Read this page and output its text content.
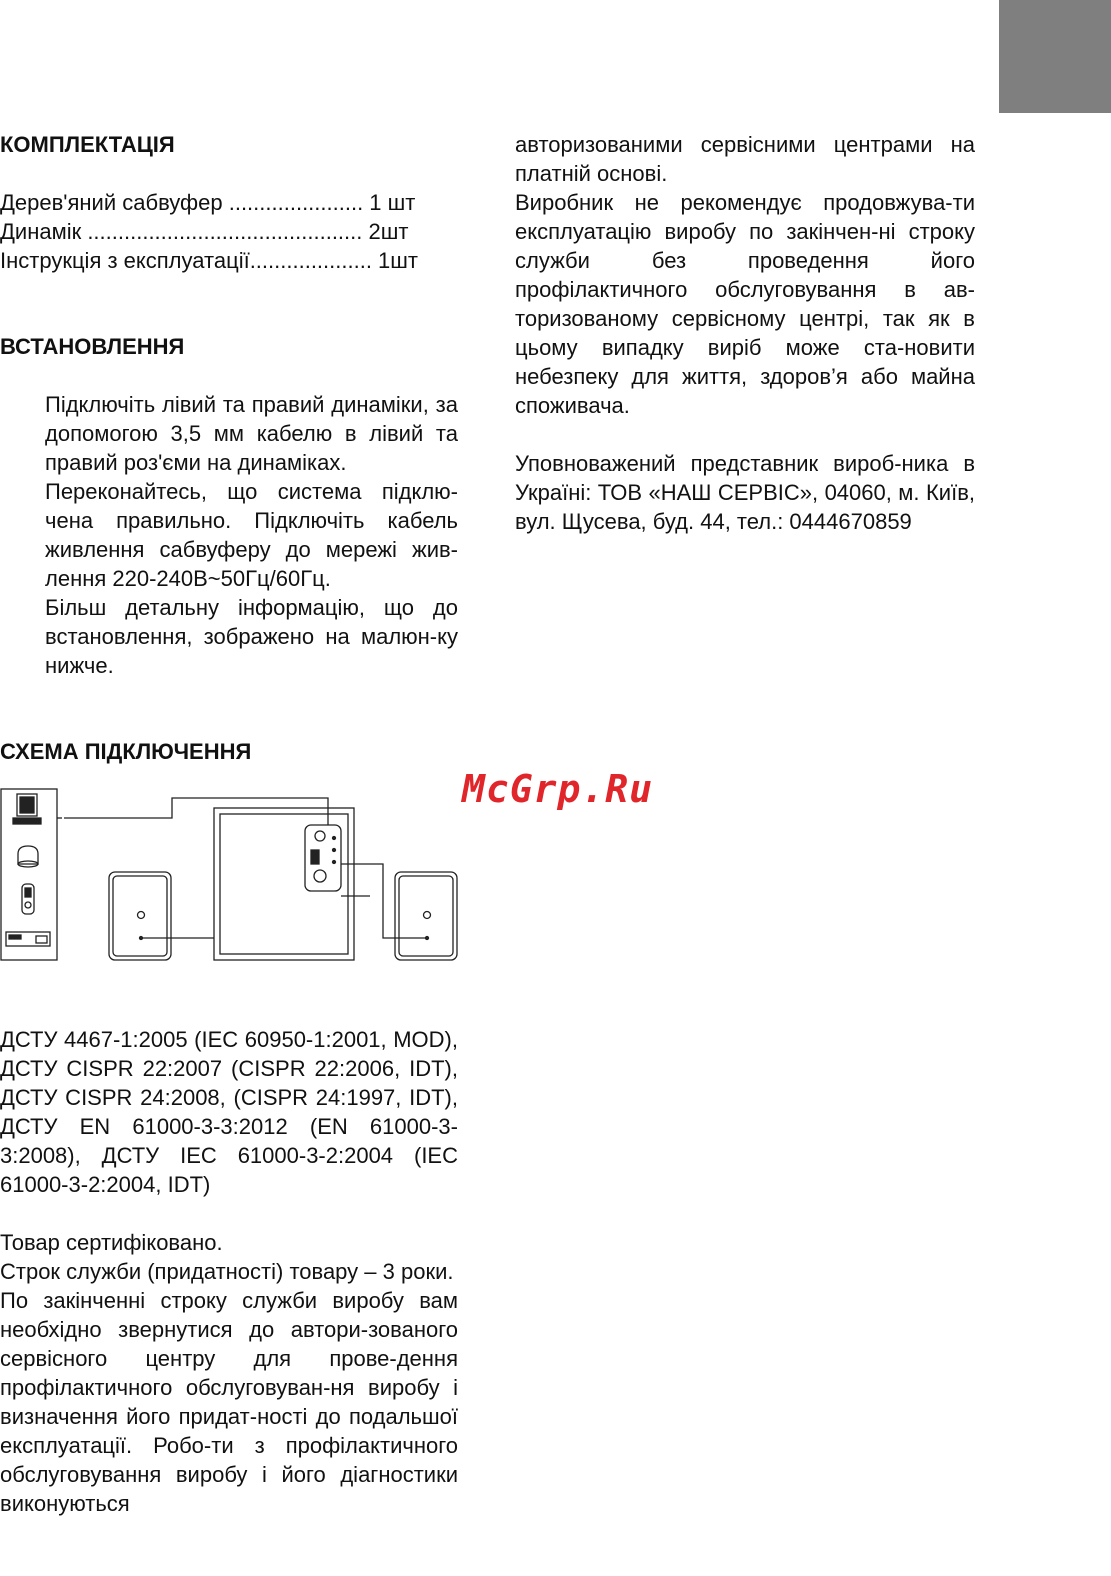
КОМПЛЕКТАЦІЯ

Дерев'яний сабвуфер ...................... 1 шт
Динамік ............................................. 2шт
Інструкція з експлуатації.................... 1шт

ВСТАНОВЛЕННЯ

Підключіть лівий та правий динаміки, за допомогою 3,5 мм кабелю в лівий та правий роз'єми на динаміках.

Переконайтесь, що система підклю-чена правильно. Підключіть кабель живлення сабвуферу до мережі жив-лення 220-240В~50Гц/60Гц.

Більш детальну інформацію, що до встановлення, зображено на малюн-ку нижче.

СХЕМА ПІДКЛЮЧЕННЯ

McGrp.Ru

ДСТУ 4467-1:2005 (IEC 60950-1:2001, MOD), ДСТУ CISPR 22:2007 (CISPR 22:2006, IDT), ДСТУ CISPR 24:2008, (CISPR 24:1997, IDT), ДСТУ EN 61000-3-3:2012 (EN 61000-3-3:2008), ДСТУ IEC 61000-3-2:2004 (IEC 61000-3-2:2004, IDT)

Товар сертифіковано.

Строк служби (придатності) товару – 3 роки.

По закінченні строку служби виробу вам необхідно звернутися до автори-зованого сервісного центру для прове-дення профілактичного обслуговуван-ня виробу і визначення його придат-ності до подальшої експлуатації. Робо-ти з профілактичного обслуговування виробу і його діагностики виконуються

авторизованими сервісними центрами на платній основі.

Виробник не рекомендує продовжува-ти експлуатацію виробу по закінчен-ні строку служби без проведення його профілактичного обслуговування в ав-торизованому сервісному центрі, так як в цьому випадку виріб може ста-новити небезпеку для життя, здоров’я або майна споживача.

Уповноважений представник вироб-ника в Україні: ТОВ «НАШ СЕРВІС», 04060, м. Київ, вул. Щусева, буд. 44, тел.: 0444670859
